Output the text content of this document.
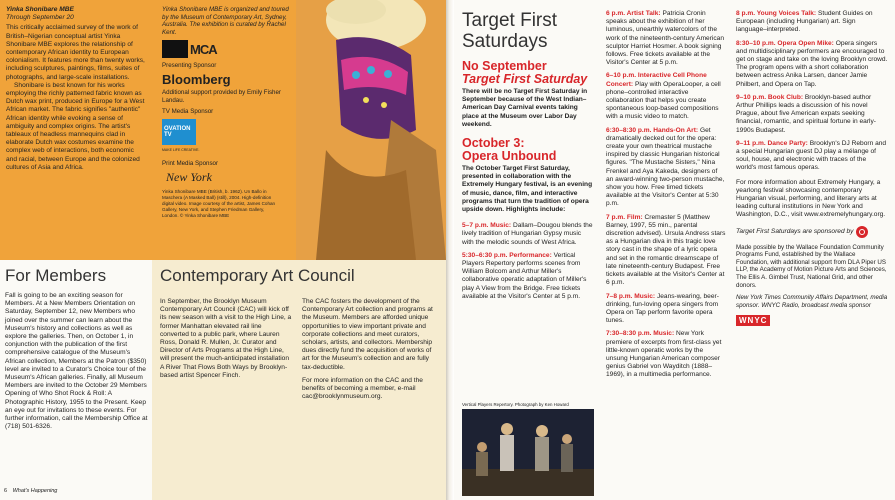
Yinka Shonibare MBE
Through September 20
This critically acclaimed survey of the work of British–Nigerian conceptual artist Yinka Shonibare MBE explores the relationship of contemporary African identity to European colonialism. It features more than twenty works, including sculptures, paintings, films, suites of photographs, and large-scale installations.
Shonibare is best known for his works employing the richly patterned fabric known as Dutch wax print, produced in Europe for a West African market. The fabric signifies "authentic" African identity while evoking a sense of ambiguity and complex origins. The artist's tableaux of headless mannequins clad in elaborate Dutch wax costumes examine the complex web of interactions, both economic and racial, between Europe and the colonized cultures of Asia and Africa.
Yinka Shonibare MBE is organized and toured by the Museum of Contemporary Art, Sydney, Australia. The exhibition is curated by Rachel Kent.
MCA
Presenting Sponsor
Bloomberg
Additional support provided by Emily Fisher Landau.
TV Media Sponsor
OVATION TV
MAKE LIFE CREATIVE.
Print Media Sponsor
New York
Yinka Shonibare MBE (British, b. 1962). Un Ballo in Maschera (A Masked Ball) (still), 2004. High-definition digital video. Image courtesy of the artist, James Cohan Gallery, New York, and Stephen Friedman Gallery, London. © Yinka Shonibare MBE
For Members
Fall is going to be an exciting season for Members. At a New Members Orientation on Saturday, September 12, new Members who joined over the summer can learn about the Museum's history and collections as well as explore the galleries. Then, on October 1, in conjunction with the publication of the first comprehensive catalogue of the Museum's African collection, Members at the Patron ($350) level are invited to a Curator's Choice tour of the Museum's African galleries. Finally, all Museum Members are invited to the October 29 Members Opening of Who Shot Rock & Roll: A Photographic History, 1955 to the Present. Keep an eye out for invitations to these events. For further information, call the Membership Office at (718) 501-6326.
Contemporary Art Council
In September, the Brooklyn Museum Contemporary Art Council (CAC) will kick off its new season with a visit to the High Line, a former Manhattan elevated rail line converted to a public park, where Lauren Ross, Donald R. Mullen, Jr. Curator and Director of Arts Programs at the High Line, will present the much-anticipated installation A River That Flows Both Ways by Brooklyn-based artist Spencer Finch.
The CAC fosters the development of the Contemporary Art collection and programs at the Museum. Members are afforded unique opportunities to view important private and corporate collections and meet curators, scholars, artists, and collectors. Membership dues directly fund the acquisition of works of art for the Museum's collection and are fully tax-deductible.
For more information on the CAC and the benefits of becoming a member, e-mail cac@brooklynmuseum.org.
6 What's Happening
Target First
Saturdays
No September
Target First Saturday
There will be no Target First Saturday in September because of the West Indian–American Day Carnival events taking place at the Museum over Labor Day weekend.
October 3:
Opera Unbound
The October Target First Saturday, presented in collaboration with the Extremely Hungary festival, is an evening of music, dance, film, and interactive programs that turn the tradition of opera upside down. Highlights include:
5–7 p.m. Music: Dallam–Dougou blends the lively tradition of Hungarian Gypsy music with the melodic sounds of West Africa.
5:30–6:30 p.m. Performance: Vertical Players Repertory performs scenes from William Bolcom and Arthur Miller's collaborative operatic adaptation of Miller's play A View from the Bridge. Free tickets available at the Visitor's Center at 5 p.m.
Vertical Players Repertory. Photograph by Ken Howard
6 p.m. Artist Talk: Patricia Cronin speaks about the exhibition of her luminous, unearthly watercolors of the work of the nineteenth-century American sculptor Harriet Hosmer. A book signing follows. Free tickets available at the Visitor's Center at 5 p.m.
6–10 p.m. Interactive Cell Phone Concert: Play with OperaLooper, a cell phone–controlled interactive collaboration that helps you create spontaneous loop-based compositions with a music video to match.
6:30–8:30 p.m. Hands-On Art: Get dramatically decked out for the opera: create your own theatrical mustache inspired by classic Hungarian historical figures. "The Mustache Sisters," Nina Frenkel and Aya Kakeda, designers of an award-winning two-person mustache, show you how. Free timed tickets available at the Visitor's Center at 5:30 p.m.
7 p.m. Film: Cremaster 5 (Matthew Barney, 1997, 55 min., parental discretion advised). Ursula Andress stars as a Hungarian diva in this tragic love story cast in the shape of a lyric opera and set in the romantic dreamscape of late nineteenth-century Budapest. Free tickets available at the Visitor's Center at 6 p.m.
7–8 p.m. Music: Jeans-wearing, beer-drinking, fun-loving opera singers from Opera on Tap perform favorite opera tunes.
7:30–8:30 p.m. Music: New York premiere of excerpts from first-class yet little-known operatic works by the unsung Hungarian American composer genius Gabriel von Wayditch (1888–1969), in a multimedia performance.
8 p.m. Young Voices Talk: Student Guides on European (including Hungarian) art. Sign language–interpreted.
8:30–10 p.m. Opera Open Mike: Opera singers and multidisciplinary performers are encouraged to get on stage and take on the loving Brooklyn crowd. The program opens with a short collaboration between actress Anika Larsen, dancer Jamie Philbert, and Opera on Tap.
9–10 p.m. Book Club: Brooklyn-based author Arthur Phillips leads a discussion of his novel Prague, about five American expats seeking financial, romantic, and spiritual fortune in early-1990s Budapest.
9–11 p.m. Dance Party: Brooklyn's DJ Reborn and a special Hungarian guest DJ play a mélange of soul, house, and electronic with traces of the world's most famous operas.
For more information about Extremely Hungary, a yearlong festival showcasing contemporary Hungarian visual, performing, and literary arts at leading cultural institutions in New York and Washington, D.C., visit www.extremelyhungary.org.
Target First Saturdays are sponsored by
Made possible by the Wallace Foundation Community Programs Fund, established by the Wallace Foundation, with additional support from DLA Piper US LLP, the Academy of Motion Picture Arts and Sciences, The Ellis A. Gimbel Trust, National Grid, and other donors.
New York Times Community Affairs Department, media sponsor. WNYC Radio, broadcast media sponsor
WNYC
